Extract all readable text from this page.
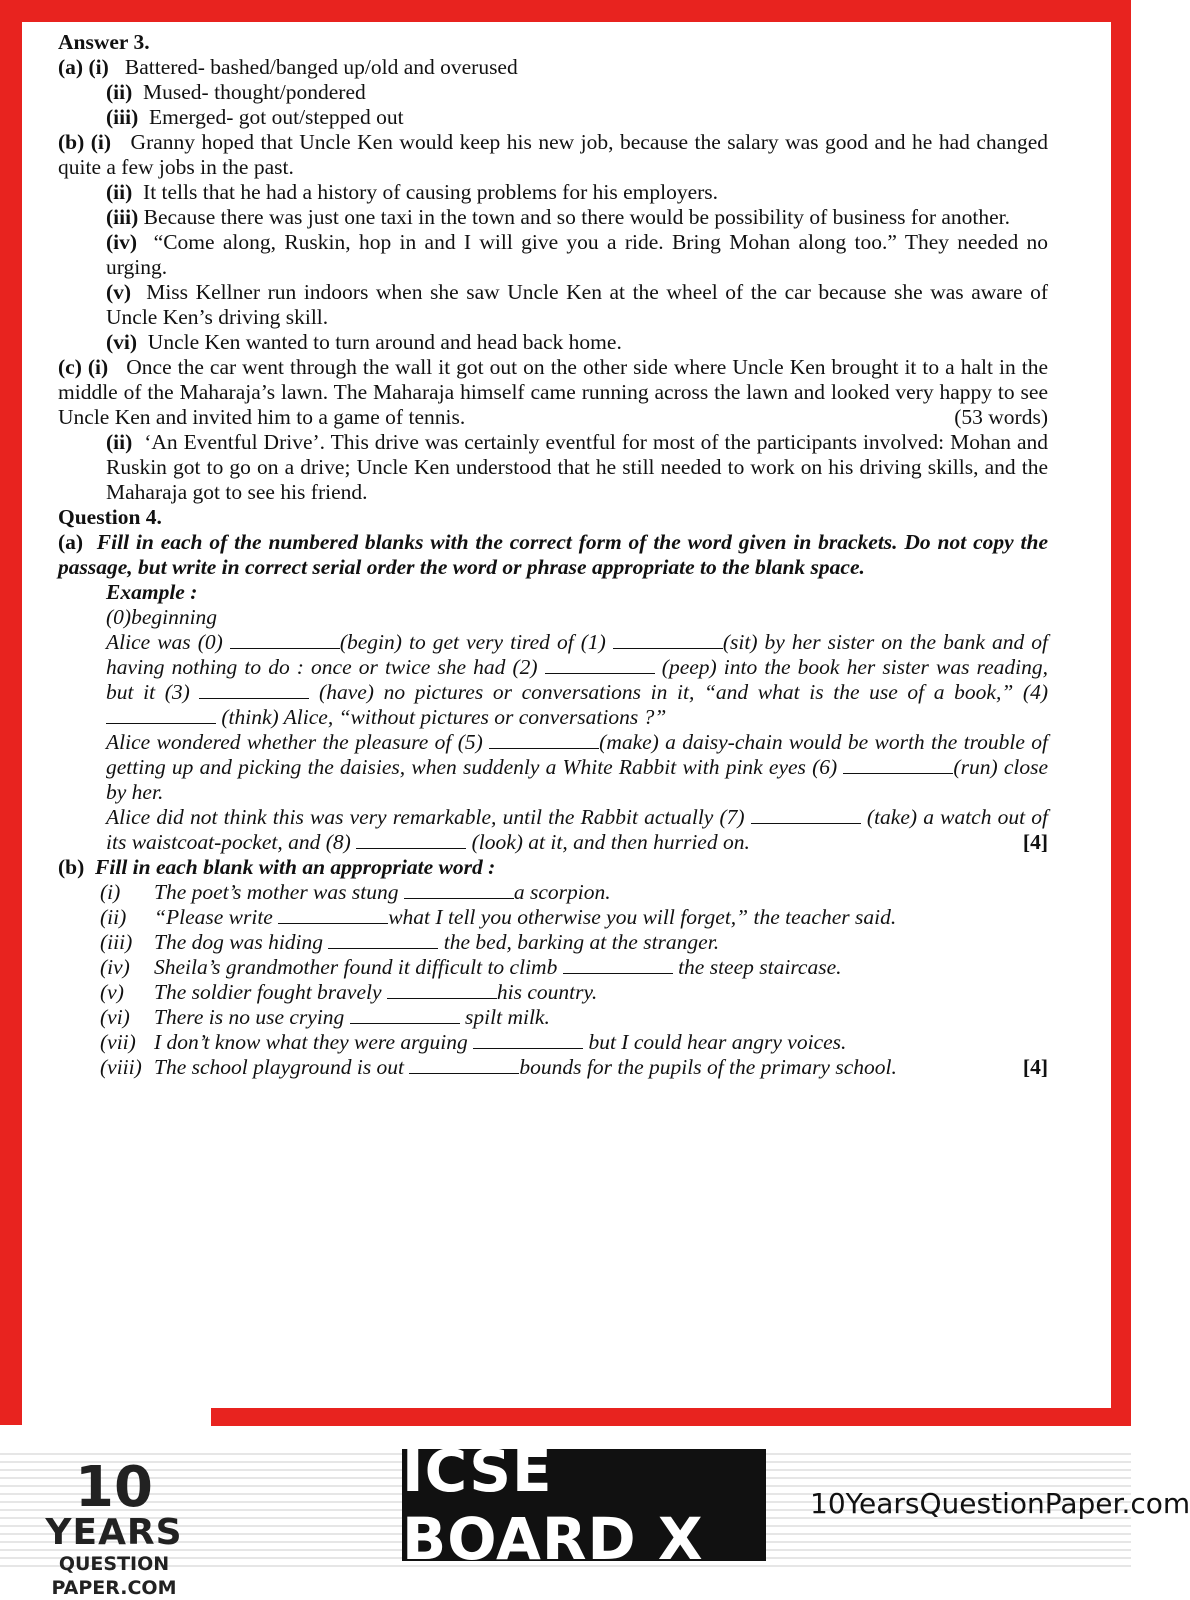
Answer 3.

(a) (i) Battered- bashed/banged up/old and overused

(ii) Mused- thought/pondered

(iii) Emerged- got out/stepped out

(b) (i) Granny hoped that Uncle Ken would keep his new job, because the salary was good and he had changed quite a few jobs in the past.

(ii) It tells that he had a history of causing problems for his employers.

(iii) Because there was just one taxi in the town and so there would be possibility of business for another.

(iv) “Come along, Ruskin, hop in and I will give you a ride. Bring Mohan along too.” They needed no urging.

(v) Miss Kellner run indoors when she saw Uncle Ken at the wheel of the car because she was aware of Uncle Ken’s driving skill.

(vi) Uncle Ken wanted to turn around and head back home.

(c) (i) Once the car went through the wall it got out on the other side where Uncle Ken brought it to a halt in the middle of the Maharaja’s lawn. The Maharaja himself came running across the lawn and looked very happy to see Uncle Ken and invited him to a game of tennis.	(53 words)

(ii) ‘An Eventful Drive’. This drive was certainly eventful for most of the participants involved: Mohan and Ruskin got to go on a drive; Uncle Ken understood that he still needed to work on his driving skills, and the Maharaja got to see his friend.

Question 4.

(a) Fill in each of the numbered blanks with the correct form of the word given in brackets. Do not copy the passage, but write in correct serial order the word or phrase appropriate to the blank space.

Example :

(0)beginning

Alice was (0)	(begin) to get very tired of (1)	(sit) by her sister on the bank and of having nothing to do : once or twice she had (2)	(peep) into the book her sister was reading, but it (3)	(have) no pictures or conversations in it, “and what is the use of a book,” (4)  (think) Alice, “without pictures or conversations ?”
Alice wondered whether the pleasure of (5)	(make) a daisy-chain would be worth the trouble of getting up and picking the daisies, when suddenly a White Rabbit with pink eyes (6)	(run) close by her.
Alice did not think this was very remarkable, until the Rabbit actually (7)	(take) a watch out of its waistcoat-pocket, and (8)	(look) at it, and then hurried on.	[4]

(b) Fill in each blank with an appropriate word :

(i)	The poet’s mother was stung	a scorpion.

(ii)	“Please write	what I tell you otherwise you will forget,” the teacher said.

(iii)	The dog was hiding	the bed, barking at the stranger.

(iv)	Sheila’s grandmother found it difficult to climb	the steep staircase.

(v)	The soldier fought bravely	his country.

(vi)	There is no use crying	spilt milk.

(vii) I don’t know what they were arguing	but I could hear angry voices.

(viii) The school playground is out	bounds for the pupils of the primary school.	[4]

10
YEARS
QUESTION PAPER.COM
ICSE BOARD X
10YearsQuestionPaper.com
